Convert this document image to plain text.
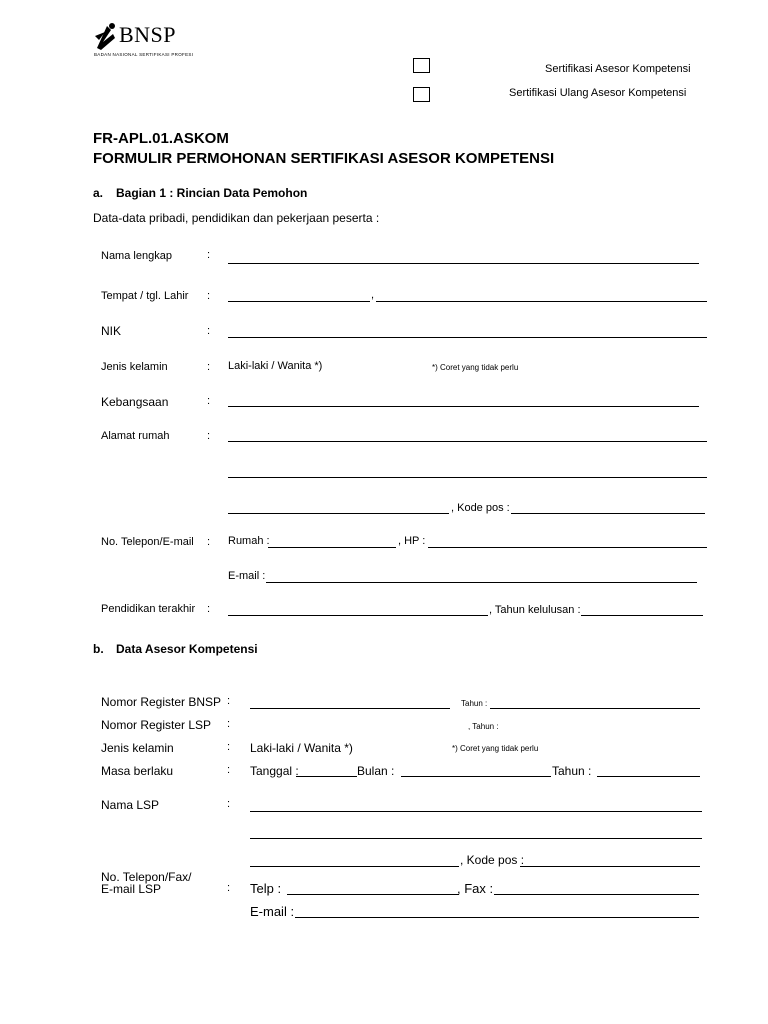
BNSP
BADAN NASIONAL SERTIFIKASI PROFESI
Sertifikasi Asesor Kompetensi
Sertifikasi Ulang Asesor Kompetensi
FR-APL.01.ASKOM
FORMULIR PERMOHONAN SERTIFIKASI ASESOR KOMPETENSI
a. Bagian 1 : Rincian Data Pemohon
Data-data pribadi, pendidikan dan pekerjaan peserta :
Nama lengkap	:
Tempat / tgl. Lahir :	,
NIK	:
Jenis kelamin	: Laki-laki / Wanita *)	*) Coret yang tidak perlu
Kebangsaan	:
Alamat rumah	:
, Kode pos :
No. Telepon/E-mail : Rumah :	, HP :
E-mail :
Pendidikan terakhir :	, Tahun kelulusan :
b. Data Asesor Kompetensi
Nomor Register BNSP :	Tahun :
Nomor Register LSP :	, Tahun :
Jenis kelamin	: Laki-laki / Wanita *)	*) Coret yang tidak perlu
Masa berlaku	: Tanggal :	Bulan :	Tahun :
Nama LSP	:
, Kode pos :
No. Telepon/Fax/
E-mail LSP	: Telp :	, Fax :
E-mail :
